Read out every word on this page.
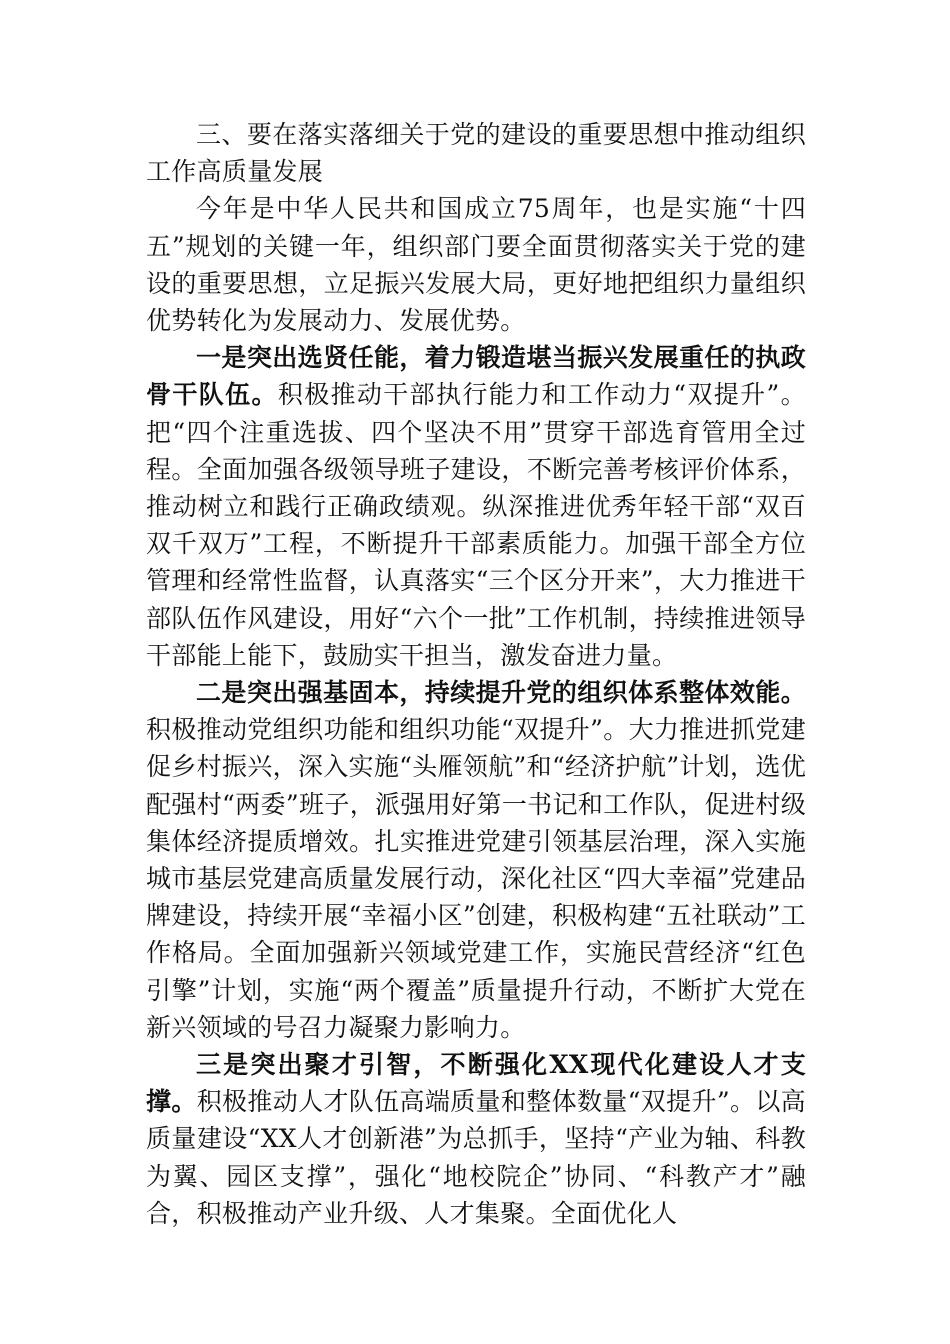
三、要在落实落细关于党的建设的重要思想中推动组织工作高质量发展

今年是中华人民共和国成立75周年，也是实施“十四五”规划的关键一年，组织部门要全面贯彻落实关于党的建设的重要思想，立足振兴发展大局，更好地把组织力量组织优势转化为发展动力、发展优势。

一是突出选贤任能，着力锻造堪当振兴发展重任的执政骨干队伍。积极推动干部执行能力和工作动力“双提升”。把“四个注重选拔、四个坚决不用”贯穿干部选育管用全过程。全面加强各级领导班子建设，不断完善考核评价体系，推动树立和践行正确政绩观。纵深推进优秀年轻干部“双百双千双万”工程，不断提升干部素质能力。加强干部全方位管理和经常性监督，认真落实“三个区分开来”，大力推进干部队伍作风建设，用好“六个一批”工作机制，持续推进领导干部能上能下，鼓励实干担当，激发奋进力量。

二是突出强基固本，持续提升党的组织体系整体效能。积极推动党组织功能和组织功能“双提升”。大力推进抓党建促乡村振兴，深入实施“头雁领航”和“经济护航”计划，选优配强村“两委”班子，派强用好第一书记和工作队，促进村级集体经济提质增效。扎实推进党建引领基层治理，深入实施城市基层党建高质量发展行动，深化社区“四大幸福”党建品牌建设，持续开展“幸福小区”创建，积极构建“五社联动”工作格局。全面加强新兴领域党建工作，实施民营经济“红色引擎”计划，实施“两个覆盖”质量提升行动，不断扩大党在新兴领域的号召力凝聚力影响力。

三是突出聚才引智，不断强化XX现代化建设人才支撑。积极推动人才队伍高端质量和整体数量“双提升”。以高质量建设“XX人才创新港”为总抓手，坚持“产业为轴、科教为翼、园区支撑”，强化“地校院企”协同、“科教产才”融合，积极推动产业升级、人才集聚。全面优化人
